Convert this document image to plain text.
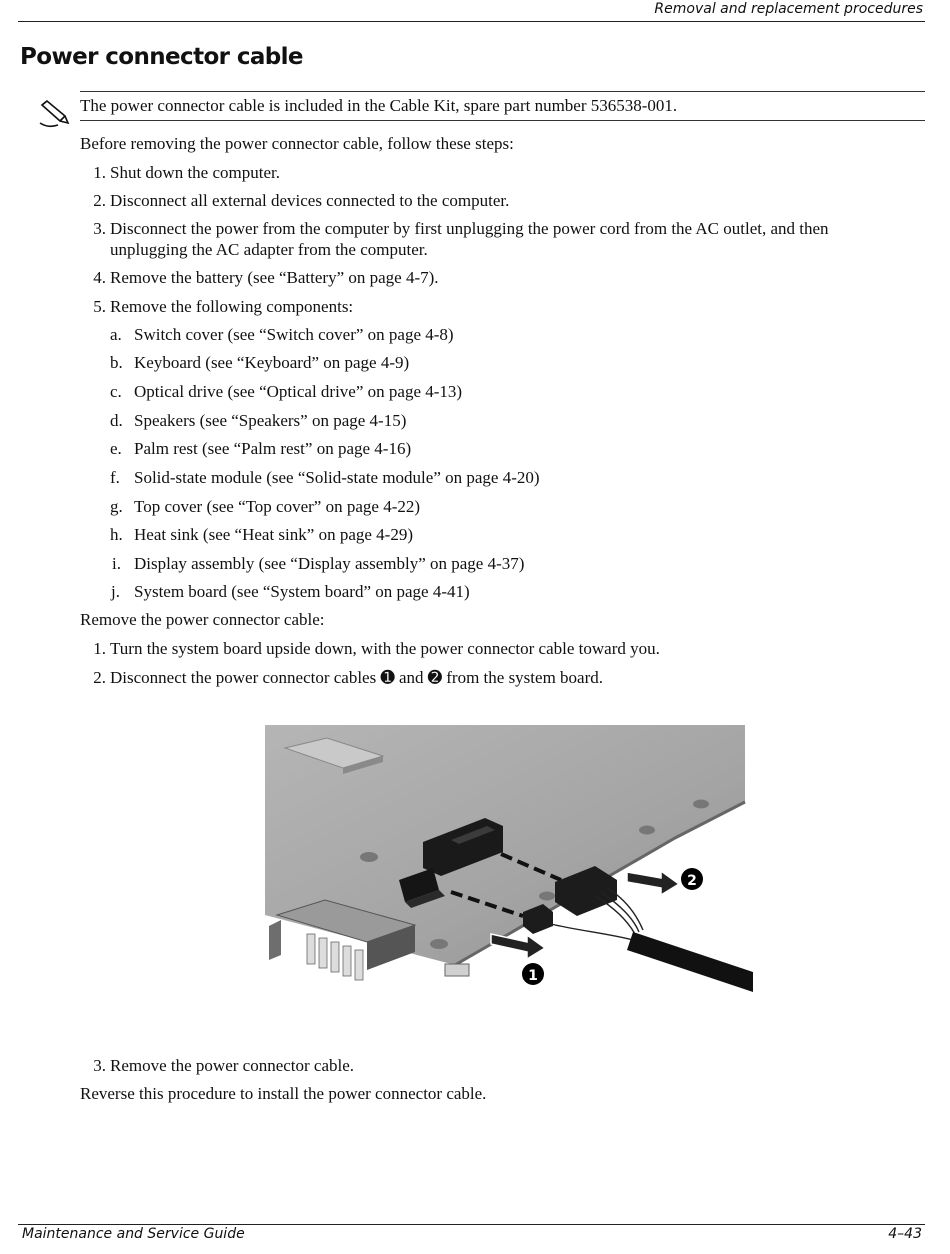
Removal and replacement procedures
Power connector cable
The power connector cable is included in the Cable Kit, spare part number 536538-001.
Before removing the power connector cable, follow these steps:
1. Shut down the computer.
2. Disconnect all external devices connected to the computer.
3. Disconnect the power from the computer by first unplugging the power cord from the AC outlet, and then
unplugging the AC adapter from the computer.
4. Remove the battery (see “Battery” on page 4-7).
5. Remove the following components:
a. Switch cover (see “Switch cover” on page 4-8)
b. Keyboard (see “Keyboard” on page 4-9)
c. Optical drive (see “Optical drive” on page 4-13)
d. Speakers (see “Speakers” on page 4-15)
e. Palm rest (see “Palm rest” on page 4-16)
f. Solid-state module (see “Solid-state module” on page 4-20)
g. Top cover (see “Top cover” on page 4-22)
h. Heat sink (see “Heat sink” on page 4-29)
i. Display assembly (see “Display assembly” on page 4-37)
j. System board (see “System board” on page 4-41)
Remove the power connector cable:
1. Turn the system board upside down, with the power connector cable toward you.
2. Disconnect the power connector cables ➊ and ➋ from the system board.
2
1
3. Remove the power connector cable.
Reverse this procedure to install the power connector cable.
Maintenance and Service Guide	4–43
